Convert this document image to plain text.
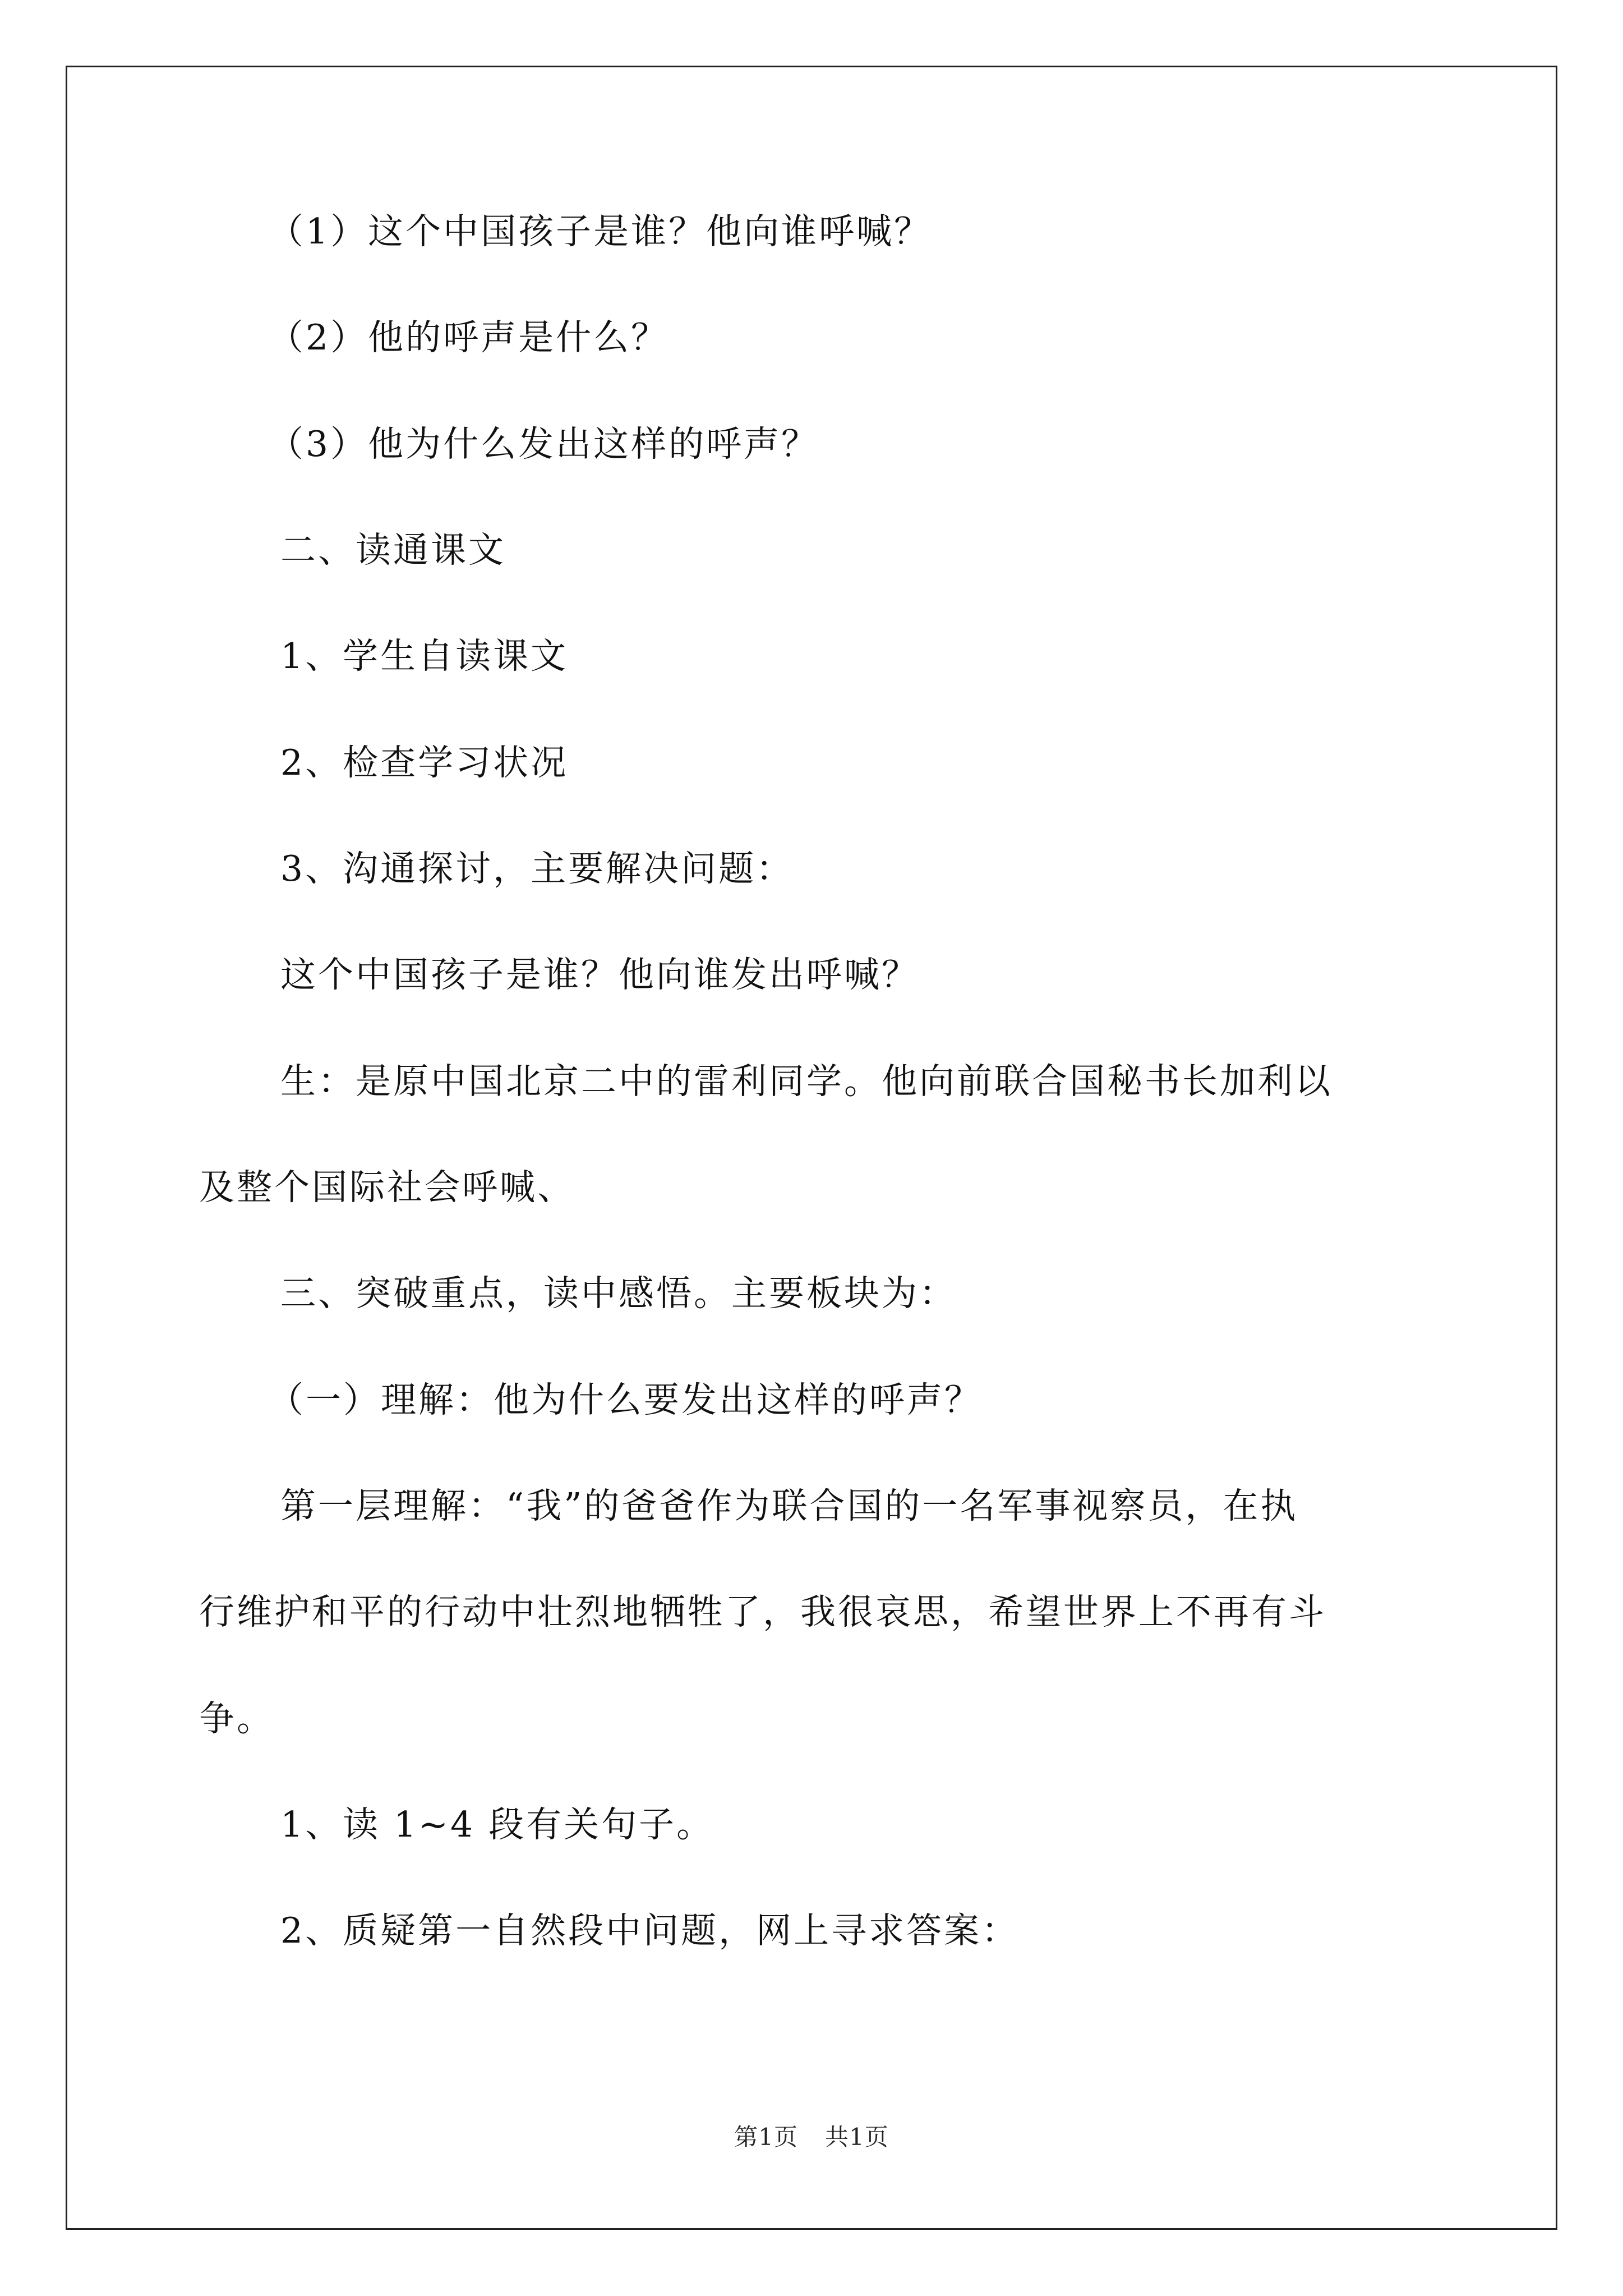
（1）这个中国孩子是谁？他向谁呼喊？
（2）他的呼声是什么？
（3）他为什么发出这样的呼声？
二、读通课文
1、学生自读课文
2、检查学习状况
3、沟通探讨，主要解决问题：
这个中国孩子是谁？他向谁发出呼喊？
生：是原中国北京二中的雷利同学。他向前联合国秘书长加利以
及整个国际社会呼喊、
三、突破重点，读中感悟。主要板块为：
（一）理解：他为什么要发出这样的呼声？
第一层理解：“我”的爸爸作为联合国的一名军事视察员，在执
行维护和平的行动中壮烈地牺牲了，我很哀思，希望世界上不再有斗
争。
1、读 1~4 段有关句子。
2、质疑第一自然段中问题，网上寻求答案：
第1页 共1页
